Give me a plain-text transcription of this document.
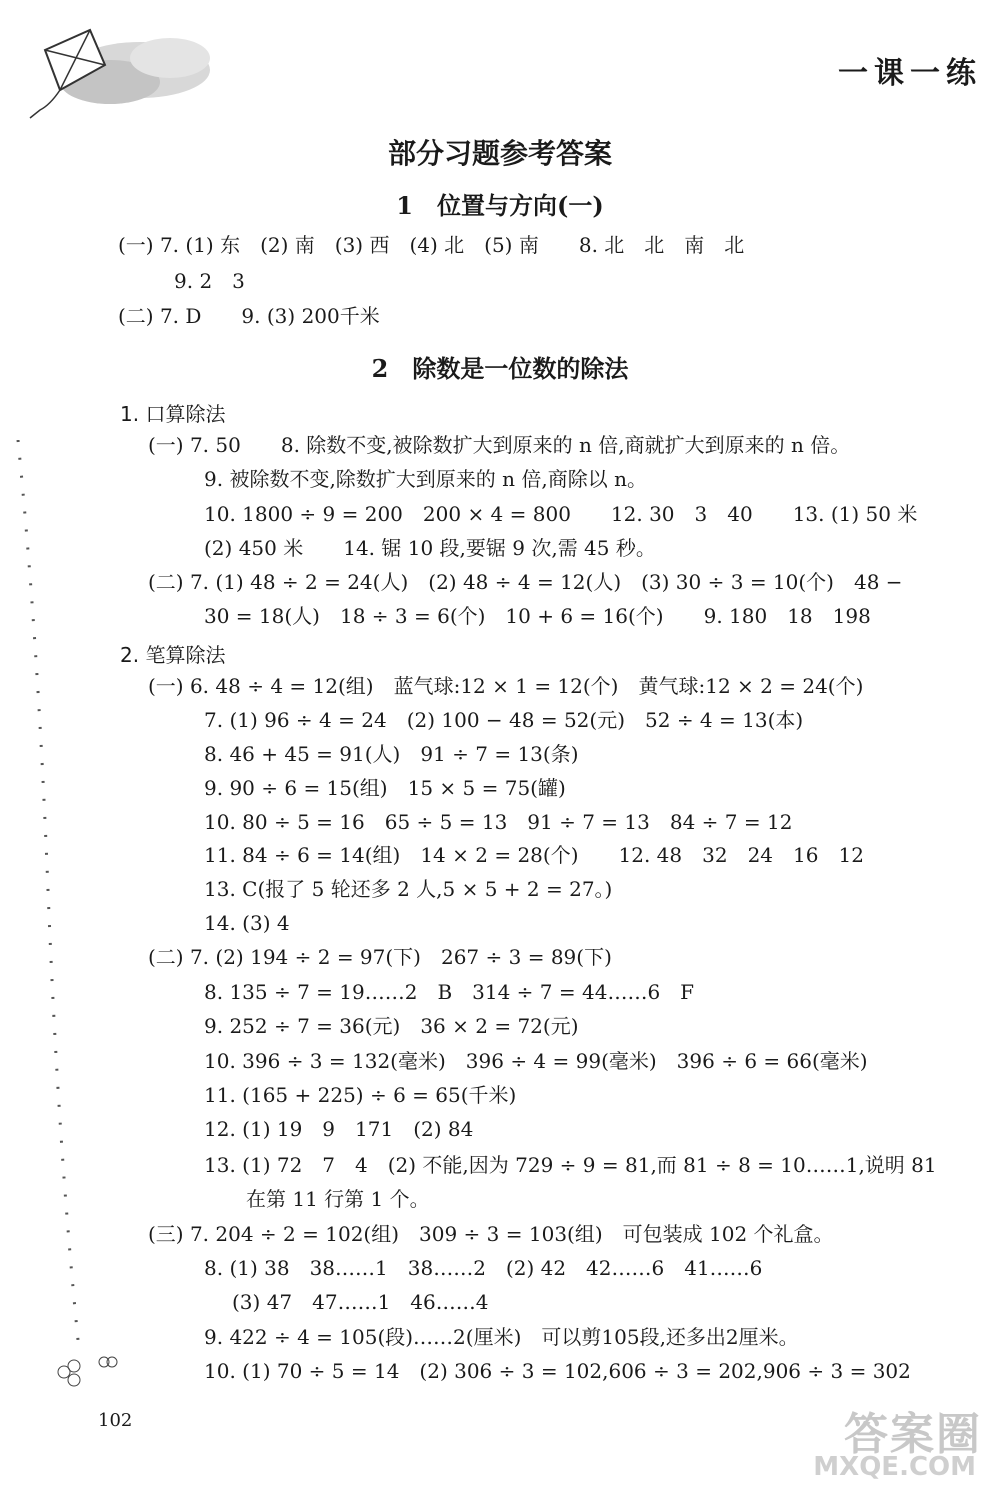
一课一练
部分习题参考答案
1　位置与方向(一)
(一) 7. (1) 东　(2) 南　(3) 西　(4) 北　(5) 南　　8. 北　北　南　北
9. 2　3
(二) 7. D　　9. (3) 200千米
2　除数是一位数的除法
1. 口算除法
(一) 7. 50　　8. 除数不变,被除数扩大到原来的 n 倍,商就扩大到原来的 n 倍。
9. 被除数不变,除数扩大到原来的 n 倍,商除以 n。
10. 1800 ÷ 9 = 200　200 × 4 = 800　　12. 30　3　40　　13. (1) 50 米
(2) 450 米　　14. 锯 10 段,要锯 9 次,需 45 秒。
(二) 7. (1) 48 ÷ 2 = 24(人)　(2) 48 ÷ 4 = 12(人)　(3) 30 ÷ 3 = 10(个)　48 −
30 = 18(人)　18 ÷ 3 = 6(个)　10 + 6 = 16(个)　　9. 180　18　198
2. 笔算除法
(一) 6. 48 ÷ 4 = 12(组)　蓝气球:12 × 1 = 12(个)　黄气球:12 × 2 = 24(个)
7. (1) 96 ÷ 4 = 24　(2) 100 − 48 = 52(元)　52 ÷ 4 = 13(本)
8. 46 + 45 = 91(人)　91 ÷ 7 = 13(条)
9. 90 ÷ 6 = 15(组)　15 × 5 = 75(罐)
10. 80 ÷ 5 = 16　65 ÷ 5 = 13　91 ÷ 7 = 13　84 ÷ 7 = 12
11. 84 ÷ 6 = 14(组)　14 × 2 = 28(个)　　12. 48　32　24　16　12
13. C(报了 5 轮还多 2 人,5 × 5 + 2 = 27。)
14. (3) 4
(二) 7. (2) 194 ÷ 2 = 97(下)　267 ÷ 3 = 89(下)
8. 135 ÷ 7 = 19……2　B　314 ÷ 7 = 44……6　F
9. 252 ÷ 7 = 36(元)　36 × 2 = 72(元)
10. 396 ÷ 3 = 132(毫米)　396 ÷ 4 = 99(毫米)　396 ÷ 6 = 66(毫米)
11. (165 + 225) ÷ 6 = 65(千米)
12. (1) 19　9　171　(2) 84
13. (1) 72　7　4　(2) 不能,因为 729 ÷ 9 = 81,而 81 ÷ 8 = 10……1,说明 81
在第 11 行第 1 个。
(三) 7. 204 ÷ 2 = 102(组)　309 ÷ 3 = 103(组)　可包装成 102 个礼盒。
8. (1) 38　38……1　38……2　(2) 42　42……6　41……6
(3) 47　47……1　46……4
9. 422 ÷ 4 = 105(段)……2(厘米)　可以剪105段,还多出2厘米。
10. (1) 70 ÷ 5 = 14　(2) 306 ÷ 3 = 102,606 ÷ 3 = 202,906 ÷ 3 = 302
102	答案圈
MXQE.COM
